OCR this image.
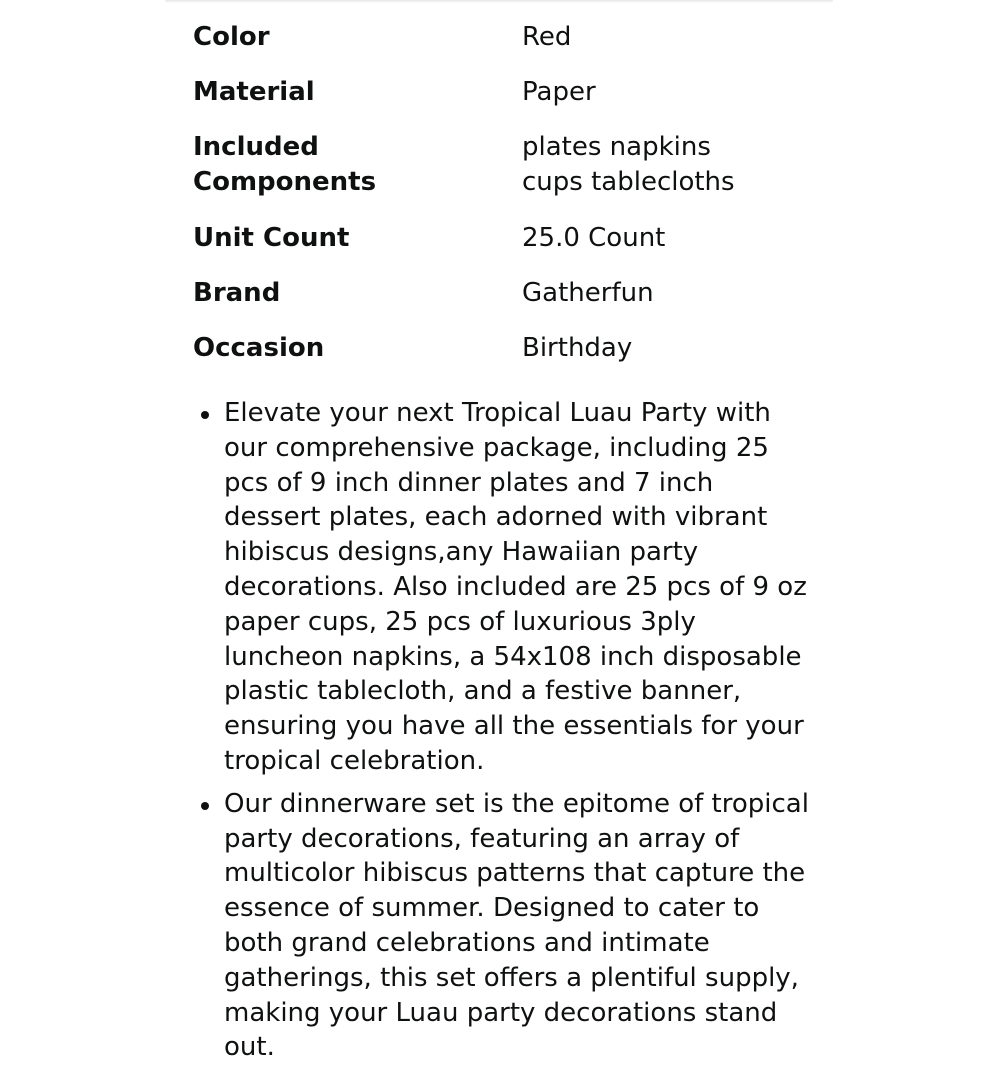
Color	Red
Material	Paper
Included Components	plates napkins cups tablecloths
Unit Count	25.0 Count
Brand	Gatherfun
Occasion	Birthday
Elevate your next Tropical Luau Party with our comprehensive package, including 25 pcs of 9 inch dinner plates and 7 inch dessert plates, each adorned with vibrant hibiscus designs,any Hawaiian party decorations. Also included are 25 pcs of 9 oz paper cups, 25 pcs of luxurious 3ply luncheon napkins, a 54x108 inch disposable plastic tablecloth, and a festive banner, ensuring you have all the essentials for your tropical celebration.
Our dinnerware set is the epitome of tropical party decorations, featuring an array of multicolor hibiscus patterns that capture the essence of summer. Designed to cater to both grand celebrations and intimate gatherings, this set offers a plentiful supply, making your Luau party decorations stand out.
